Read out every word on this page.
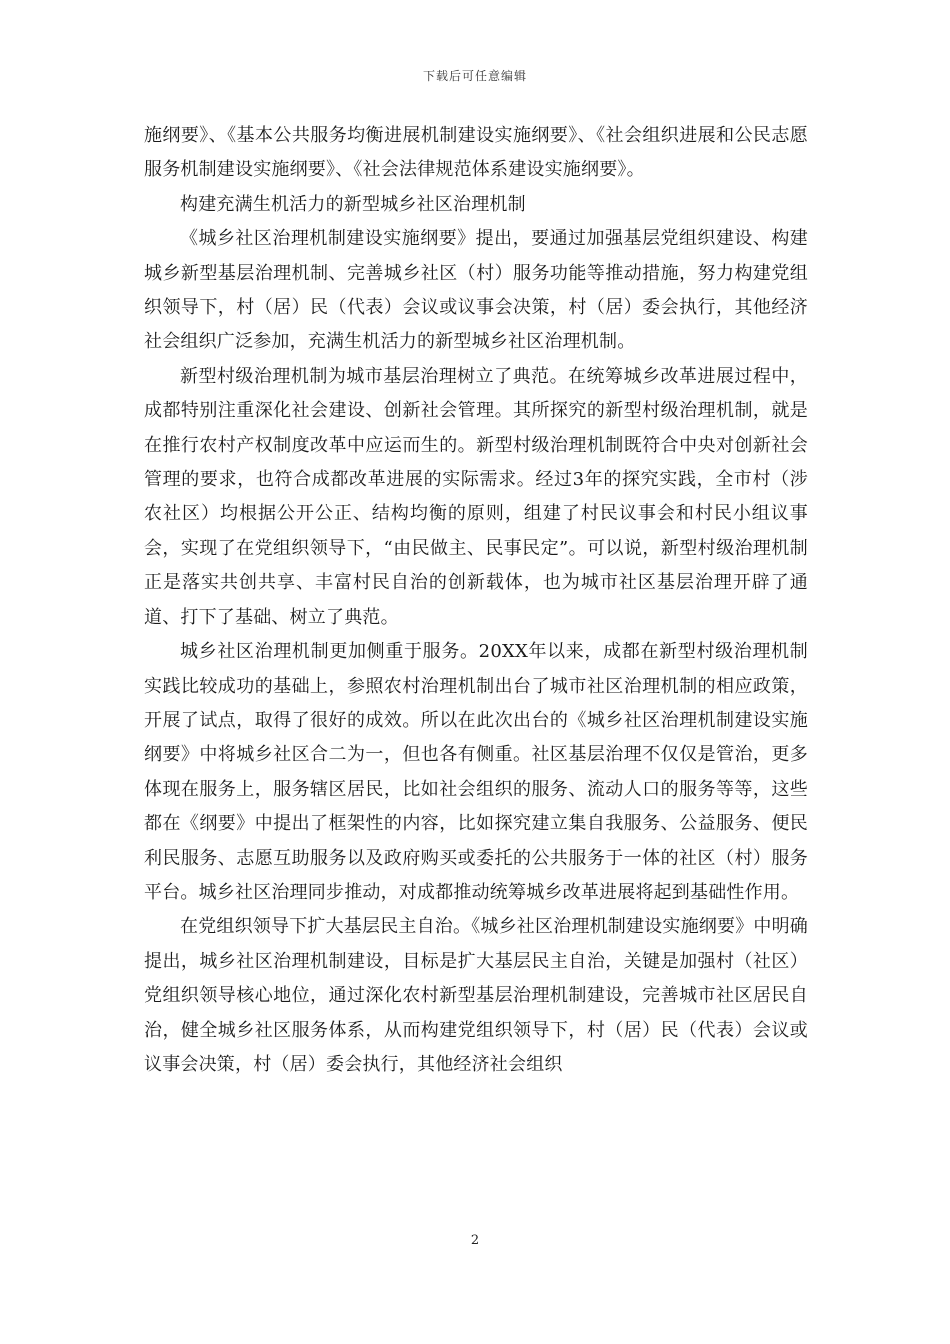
下载后可任意编辑

施纲要》、《基本公共服务均衡进展机制建设实施纲要》、《社会组织进展和公民志愿服务机制建设实施纲要》、《社会法律规范体系建设实施纲要》。

构建充满生机活力的新型城乡社区治理机制

《城乡社区治理机制建设实施纲要》提出，要通过加强基层党组织建设、构建城乡新型基层治理机制、完善城乡社区（村）服务功能等推动措施，努力构建党组织领导下，村（居）民（代表）会议或议事会决策，村（居）委会执行，其他经济社会组织广泛参加，充满生机活力的新型城乡社区治理机制。

新型村级治理机制为城市基层治理树立了典范。在统筹城乡改革进展过程中，成都特别注重深化社会建设、创新社会管理。其所探究的新型村级治理机制，就是在推行农村产权制度改革中应运而生的。新型村级治理机制既符合中央对创新社会管理的要求，也符合成都改革进展的实际需求。经过3年的探究实践，全市村（涉农社区）均根据公开公正、结构均衡的原则，组建了村民议事会和村民小组议事会，实现了在党组织领导下，“由民做主、民事民定”。可以说，新型村级治理机制正是落实共创共享、丰富村民自治的创新载体，也为城市社区基层治理开辟了通道、打下了基础、树立了典范。

城乡社区治理机制更加侧重于服务。20XX年以来，成都在新型村级治理机制实践比较成功的基础上，参照农村治理机制出台了城市社区治理机制的相应政策，开展了试点，取得了很好的成效。所以在此次出台的《城乡社区治理机制建设实施纲要》中将城乡社区合二为一，但也各有侧重。社区基层治理不仅仅是管治，更多体现在服务上，服务辖区居民，比如社会组织的服务、流动人口的服务等等，这些都在《纲要》中提出了框架性的内容，比如探究建立集自我服务、公益服务、便民利民服务、志愿互助服务以及政府购买或委托的公共服务于一体的社区（村）服务平台。城乡社区治理同步推动，对成都推动统筹城乡改革进展将起到基础性作用。

在党组织领导下扩大基层民主自治。《城乡社区治理机制建设实施纲要》中明确提出，城乡社区治理机制建设，目标是扩大基层民主自治，关键是加强村（社区）党组织领导核心地位，通过深化农村新型基层治理机制建设，完善城市社区居民自治，健全城乡社区服务体系，从而构建党组织领导下，村（居）民（代表）会议或议事会决策，村（居）委会执行，其他经济社会组织

2
